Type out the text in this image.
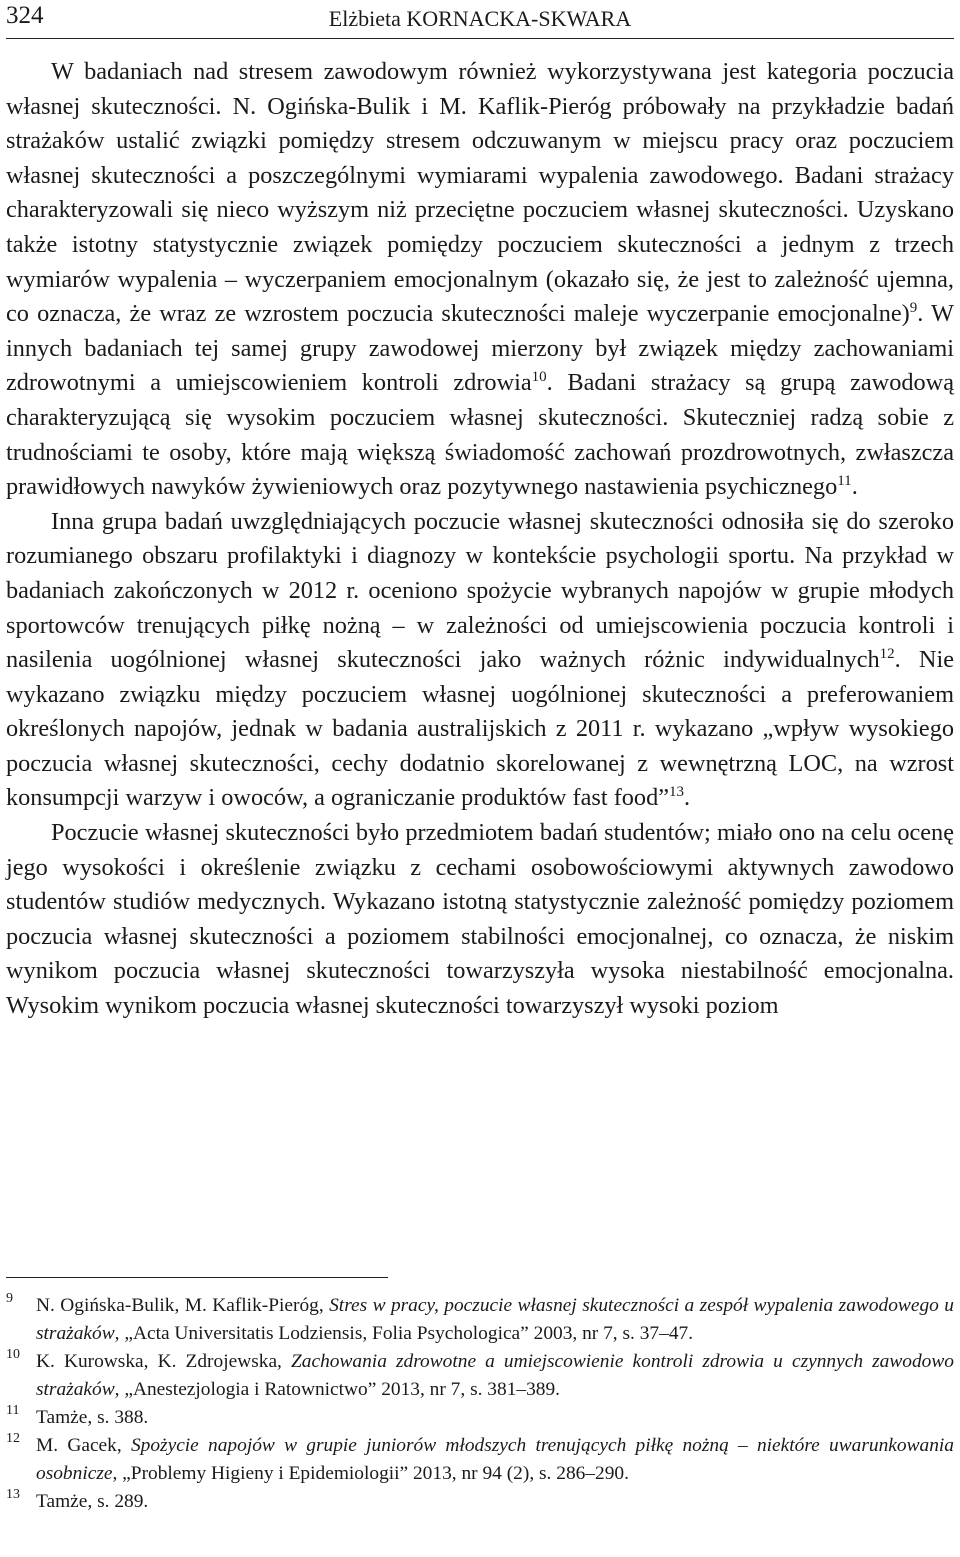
324	Elżbieta KORNACKA-SKWARA

W badaniach nad stresem zawodowym również wykorzystywana jest kategoria poczucia własnej skuteczności. N. Ogińska-Bulik i M. Kaflik-Pieróg próbowały na przykładzie badań strażaków ustalić związki pomiędzy stresem odczuwanym w miejscu pracy oraz poczuciem własnej skuteczności a poszczególnymi wymiarami wypalenia zawodowego. Badani strażacy charakteryzowali się nieco wyższym niż przeciętne poczuciem własnej skuteczności. Uzyskano także istotny statystycznie związek pomiędzy poczuciem skuteczności a jednym z trzech wymiarów wypalenia – wyczerpaniem emocjonalnym (okazało się, że jest to zależność ujemna, co oznacza, że wraz ze wzrostem poczucia skuteczności maleje wyczerpanie emocjonalne)$^9$. W innych badaniach tej samej grupy zawodowej mierzony był związek między zachowaniami zdrowotnymi a umiejscowieniem kontroli zdrowia$^{10}$. Badani strażacy są grupą zawodową charakteryzującą się wysokim poczuciem własnej skuteczności. Skuteczniej radzą sobie z trudnościami te osoby, które mają większą świadomość zachowań prozdrowotnych, zwłaszcza prawidłowych nawyków żywieniowych oraz pozytywnego nastawienia psychicznego$^{11}$.

Inna grupa badań uwzględniających poczucie własnej skuteczności odnosiła się do szeroko rozumianego obszaru profilaktyki i diagnozy w kontekście psychologii sportu. Na przykład w badaniach zakończonych w 2012 r. oceniono spożycie wybranych napojów w grupie młodych sportowców trenujących piłkę nożną – w zależności od umiejscowienia poczucia kontroli i nasilenia uogólnionej własnej skuteczności jako ważnych różnic indywidualnych$^{12}$. Nie wykazano związku między poczuciem własnej uogólnionej skuteczności a preferowaniem określonych napojów, jednak w badania australijskich z 2011 r. wykazano „wpływ wysokiego poczucia własnej skuteczności, cechy dodatnio skorelowanej z wewnętrzną LOC, na wzrost konsumpcji warzyw i owoców, a ograniczanie produktów fast food”$^{13}$.

Poczucie własnej skuteczności było przedmiotem badań studentów; miało ono na celu ocenę jego wysokości i określenie związku z cechami osobowościowymi aktywnych zawodowo studentów studiów medycznych. Wykazano istotną statystycznie zależność pomiędzy poziomem poczucia własnej skuteczności a poziomem stabilności emocjonalnej, co oznacza, że niskim wynikom poczucia własnej skuteczności towarzyszyła wysoka niestabilność emocjonalna. Wysokim wynikom poczucia własnej skuteczności towarzyszył wysoki poziom

9 N. Ogińska-Bulik, M. Kaflik-Pieróg, Stres w pracy, poczucie własnej skuteczności a zespół wypalenia zawodowego u strażaków, „Acta Universitatis Lodziensis, Folia Psychologica” 2003, nr 7, s. 37–47.
10 K. Kurowska, K. Zdrojewska, Zachowania zdrowotne a umiejscowienie kontroli zdrowia u czynnych zawodowo strażaków, „Anestezjologia i Ratownictwo” 2013, nr 7, s. 381–389.
11 Tamże, s. 388.
12 M. Gacek, Spożycie napojów w grupie juniorów młodszych trenujących piłkę nożną – niektóre uwarunkowania osobnicze, „Problemy Higieny i Epidemiologii” 2013, nr 94 (2), s. 286–290.
13 Tamże, s. 289.
